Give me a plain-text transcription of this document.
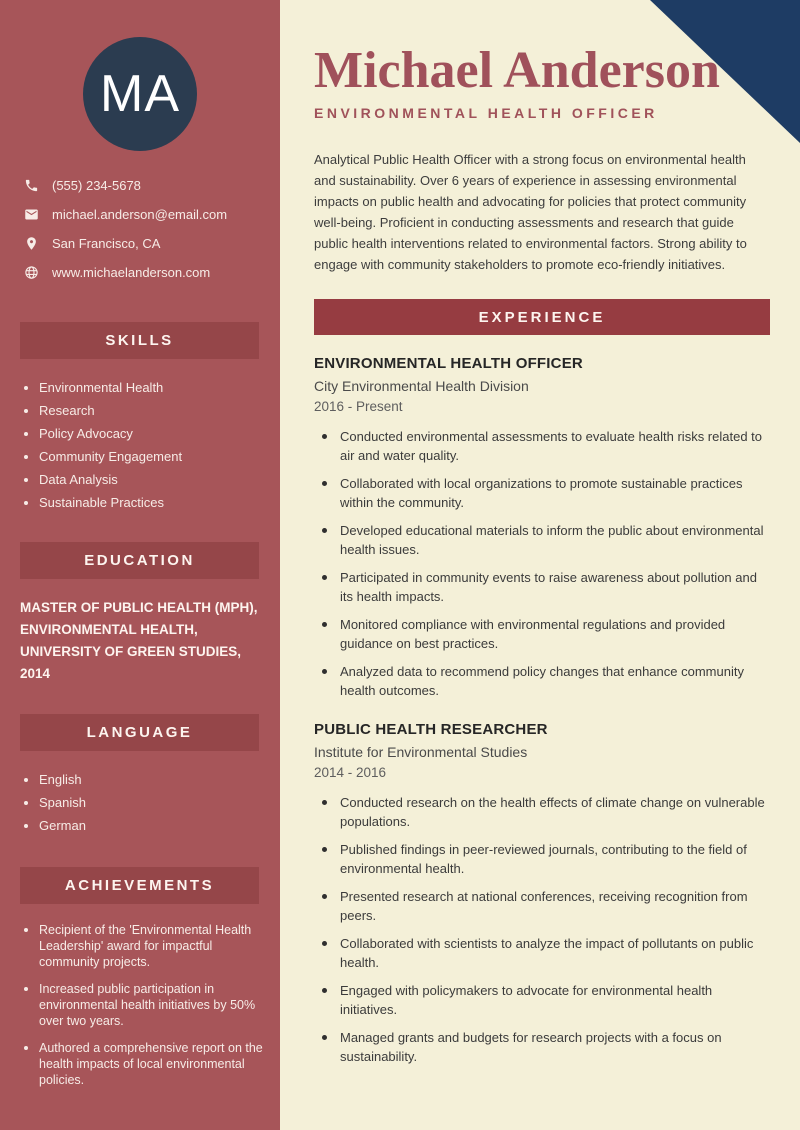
MA
(555) 234-5678
michael.anderson@email.com
San Francisco, CA
www.michaelanderson.com
SKILLS
Environmental Health
Research
Policy Advocacy
Community Engagement
Data Analysis
Sustainable Practices
EDUCATION

MASTER OF PUBLIC HEALTH (MPH), ENVIRONMENTAL HEALTH, UNIVERSITY OF GREEN STUDIES, 2014

LANGUAGE
English
Spanish
German
ACHIEVEMENTS
Recipient of the 'Environmental Health Leadership' award for impactful community projects.
Increased public participation in environmental health initiatives by 50% over two years.
Authored a comprehensive report on the health impacts of local environmental policies.
Michael Anderson
ENVIRONMENTAL HEALTH OFFICER

Analytical Public Health Officer with a strong focus on environmental health and sustainability. Over 6 years of experience in assessing environmental impacts on public health and advocating for policies that protect community well-being. Proficient in conducting assessments and research that guide public health interventions related to environmental factors. Strong ability to engage with community stakeholders to promote eco-friendly initiatives.

EXPERIENCE
ENVIRONMENTAL HEALTH OFFICER
City Environmental Health Division
2016 - Present
Conducted environmental assessments to evaluate health risks related to air and water quality.
Collaborated with local organizations to promote sustainable practices within the community.
Developed educational materials to inform the public about environmental health issues.
Participated in community events to raise awareness about pollution and its health impacts.
Monitored compliance with environmental regulations and provided guidance on best practices.
Analyzed data to recommend policy changes that enhance community health outcomes.
PUBLIC HEALTH RESEARCHER
Institute for Environmental Studies
2014 - 2016
Conducted research on the health effects of climate change on vulnerable populations.
Published findings in peer-reviewed journals, contributing to the field of environmental health.
Presented research at national conferences, receiving recognition from peers.
Collaborated with scientists to analyze the impact of pollutants on public health.
Engaged with policymakers to advocate for environmental health initiatives.
Managed grants and budgets for research projects with a focus on sustainability.
